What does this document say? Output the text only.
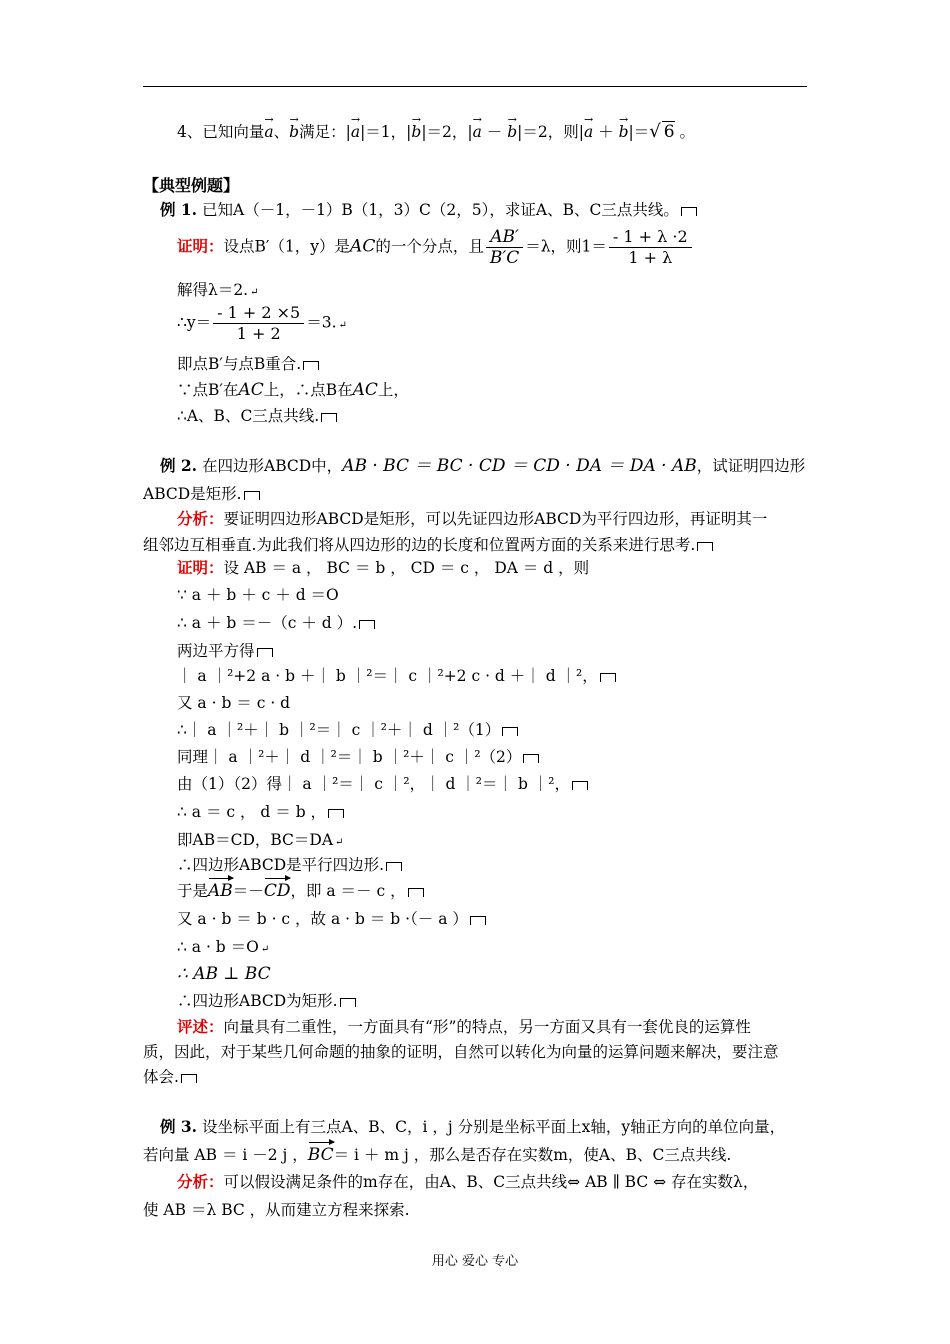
4、已知向量→ a、→ b满足：|→ a|＝1，|→ b|＝2，|→ a － → b|＝2，则|→ a ＋ → b|＝√ 6 。
【典型例题】
例 1. 已知A（－1，－1）B（1，3）C（2，5），求证A、B、C三点共线。
证明：设点B′（1，y）是AC的一个分点，且 $\frac{AB'}{B'C} =\lambda$，则$1= \frac{- 1 + \lambda \cdot 2}{1 + \lambda}$
解得λ＝2. ↵
∴y＝ $\frac{- 1 + 2 \times 5}{1 + 2} =3$. ↵
即点B′与点B重合.
∵点B′在AC上，∴点B在AC上，
∴A、B、C三点共线.
例 2. 在四边形ABCD中，AB · BC ＝ BC · CD ＝ CD · DA ＝ DA · AB，试证明四边形
ABCD是矩形.
分析：要证明四边形ABCD是矩形，可以先证四边形ABCD为平行四边形，再证明其一
组邻边互相垂直.为此我们将从四边形的边的长度和位置两方面的关系来进行思考.
证明：设 AB ＝ a ， BC ＝ b ， CD ＝ c ， DA ＝ d ，则
∵ a ＋ b ＋ c ＋ d ＝O
∴ a ＋ b ＝－（c ＋ d ）.
两边平方得
｜ a ｜²+2 a · b ＋｜ b ｜²＝｜ c ｜²+2 c · d ＋｜ d ｜²，
又 a · b ＝ c · d
∴｜ a ｜²＋｜ b ｜²＝｜ c ｜²＋｜ d ｜²（1）
同理｜ a ｜²＋｜ d ｜²＝｜ b ｜²＋｜ c ｜²（2）
由（1）（2）得｜ a ｜²＝｜ c ｜²，｜ d ｜²＝｜ b ｜²，
∴ a ＝ c ， d ＝ b ，
即AB＝CD，BC＝DA ↵
∴四边形ABCD是平行四边形.
于是AB＝－CD，即 a ＝－ c ，
又 a · b ＝ b · c ，故 a · b ＝ b ·（－ a ）
∴ a · b ＝O ↵
∴ AB ⊥ BC
∴四边形ABCD为矩形.
评述：向量具有二重性，一方面具有“形”的特点，另一方面又具有一套优良的运算性
质，因此，对于某些几何命题的抽象的证明，自然可以转化为向量的运算问题来解决，要注意
体会.
例 3. 设坐标平面上有三点A、B、C，i ，j 分别是坐标平面上x轴，y轴正方向的单位向量，
若向量 AB ＝ i －2 j ，BC＝ i ＋ m j ，那么是否存在实数m，使A、B、C三点共线.
分析：可以假设满足条件的m存在，由A、B、C三点共线⇔ AB ∥ BC ⇔ 存在实数λ，
使 AB ＝λ BC ，从而建立方程来探索.
用心 爱心 专心
